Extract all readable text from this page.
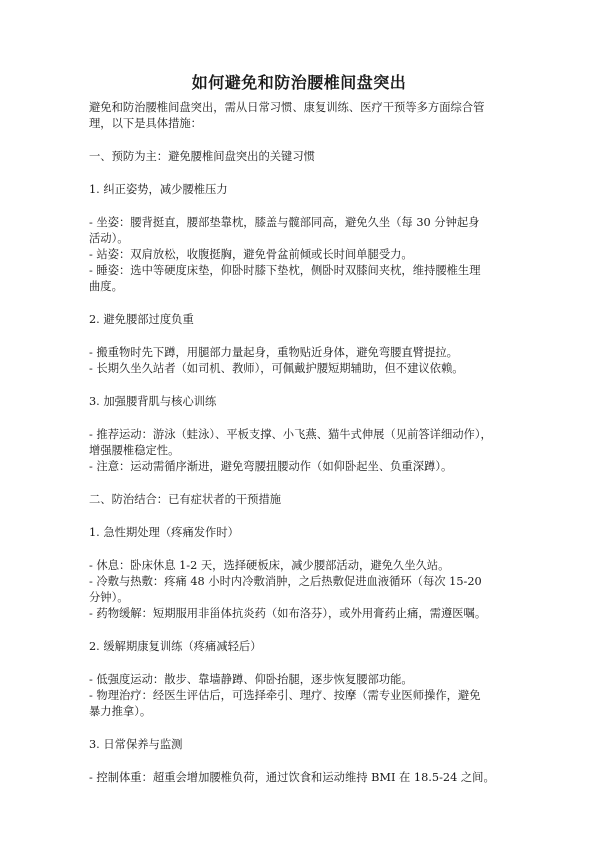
如何避免和防治腰椎间盘突出

避免和防治腰椎间盘突出，需从日常习惯、康复训练、医疗干预等多方面综合管

理，以下是具体措施：

一、预防为主：避免腰椎间盘突出的关键习惯

1. 纠正姿势，减少腰椎压力

- 坐姿：腰背挺直，腰部垫靠枕，膝盖与髋部同高，避免久坐（每 30 分钟起身

活动）。

- 站姿：双肩放松，收腹挺胸，避免骨盆前倾或长时间单腿受力。

- 睡姿：选中等硬度床垫，仰卧时膝下垫枕，侧卧时双膝间夹枕，维持腰椎生理

曲度。

2. 避免腰部过度负重

- 搬重物时先下蹲，用腿部力量起身，重物贴近身体，避免弯腰直臂提拉。

- 长期久坐久站者（如司机、教师），可佩戴护腰短期辅助，但不建议依赖。

3. 加强腰背肌与核心训练

- 推荐运动：游泳（蛙泳）、平板支撑、小飞燕、猫牛式伸展（见前答详细动作），

增强腰椎稳定性。

- 注意：运动需循序渐进，避免弯腰扭腰动作（如仰卧起坐、负重深蹲）。

二、防治结合：已有症状者的干预措施

1. 急性期处理（疼痛发作时）

- 休息：卧床休息 1-2 天，选择硬板床，减少腰部活动，避免久坐久站。

- 冷敷与热敷：疼痛 48 小时内冷敷消肿，之后热敷促进血液循环（每次 15-20

分钟）。

- 药物缓解：短期服用非甾体抗炎药（如布洛芬），或外用膏药止痛，需遵医嘱。

2. 缓解期康复训练（疼痛减轻后）

- 低强度运动：散步、靠墙静蹲、仰卧抬腿，逐步恢复腰部功能。

- 物理治疗：经医生评估后，可选择牵引、理疗、按摩（需专业医师操作，避免

暴力推拿）。

3. 日常保养与监测

- 控制体重：超重会增加腰椎负荷，通过饮食和运动维持 BMI 在 18.5-24 之间。
